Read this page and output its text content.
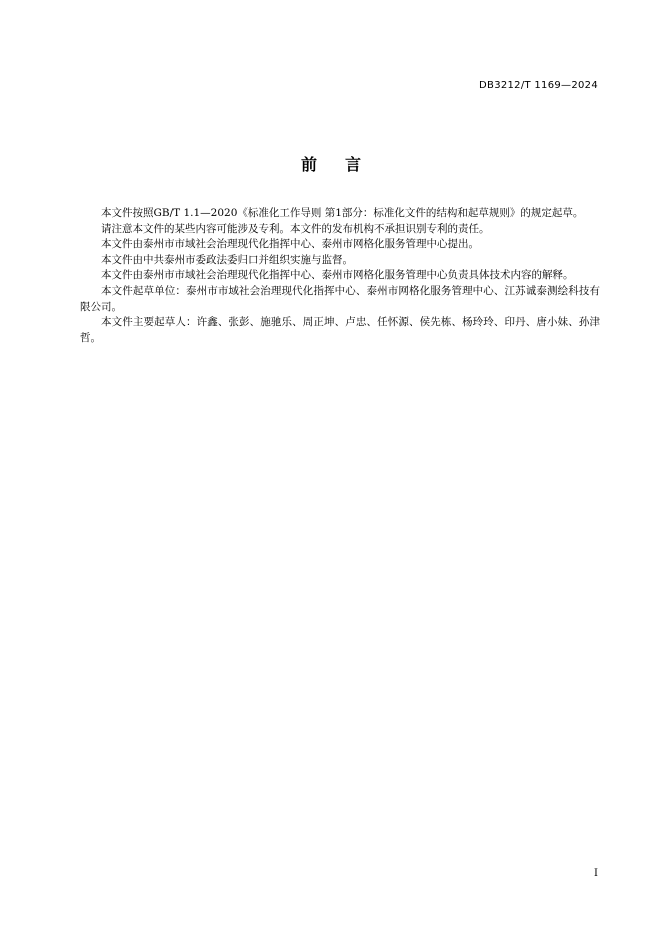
DB3212/T 1169—2024
前言

本文件按照GB/T 1.1—2020《标准化工作导则 第1部分：标准化文件的结构和起草规则》的规定起草。

请注意本文件的某些内容可能涉及专利。本文件的发布机构不承担识别专利的责任。

本文件由泰州市市域社会治理现代化指挥中心、泰州市网格化服务管理中心提出。

本文件由中共泰州市委政法委归口并组织实施与监督。

本文件由泰州市市域社会治理现代化指挥中心、泰州市网格化服务管理中心负责具体技术内容的解释。

本文件起草单位：泰州市市域社会治理现代化指挥中心、泰州市网格化服务管理中心、江苏诚泰测绘科技有限公司。

本文件主要起草人：许鑫、张彭、施驰乐、周正坤、卢忠、任怀源、侯先栋、杨玲玲、印丹、唐小妹、孙津哲。

I
